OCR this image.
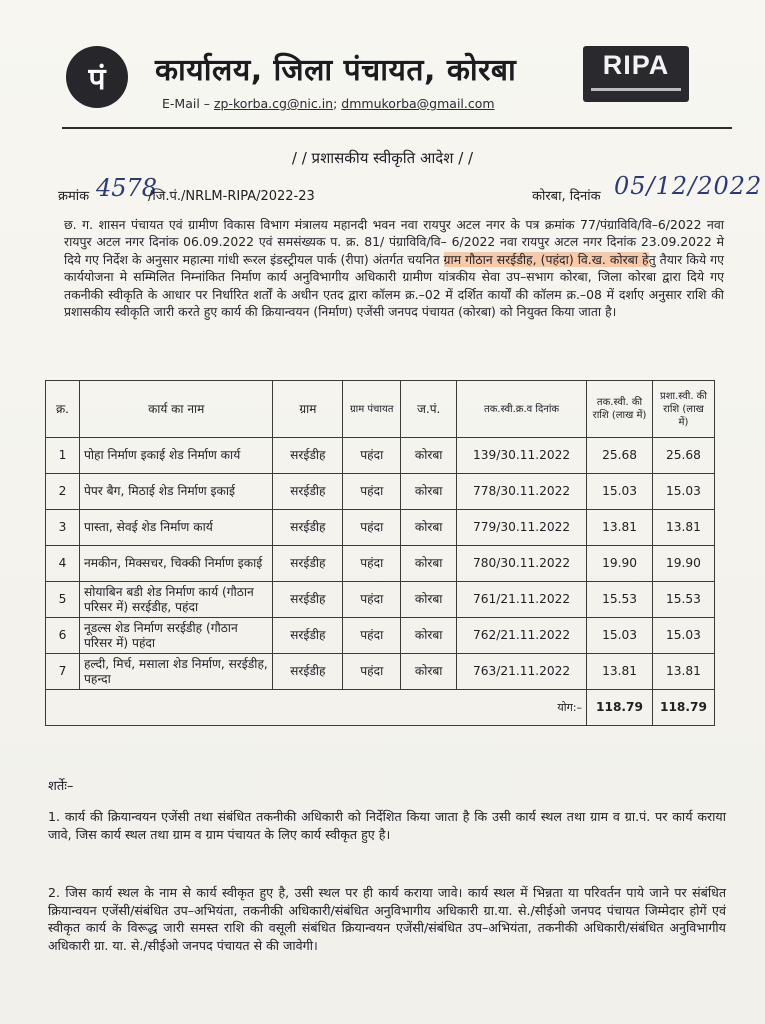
पं	कार्यालय, जिला पंचायत, कोरबा
E-Mail – zp-korba.cg@nic.in; dmmukorba@gmail.com
RIPA
/ / प्रशासकीय स्वीकृति आदेश / /
क्रमांक 4578
/जि.पं./NRLM-RIPA/2022-23	कोरबा, दिनांक 05/12/2022
छ. ग. शासन पंचायत एवं ग्रामीण विकास विभाग मंत्रालय महानदी भवन नवा रायपुर अटल नगर के पत्र क्रमांक 77/पंग्राविवि/वि–6/2022 नवा रायपुर अटल नगर दिनांक 06.09.2022 एवं समसंख्यक प. क्र. 81/ पंग्राविवि/वि– 6/2022 नवा रायपुर अटल नगर दिनांक 23.09.2022 मे दिये गए निर्देश के अनुसार महात्मा गांधी रूरल इंडस्ट्रीयल पार्क (रीपा) अंतर्गत चयनित ग्राम गौठान सरईडीह, (पहंदा) वि.ख. कोरबा हेतु तैयार किये गए कार्ययोजना मे सम्मिलित निम्नांकित निर्माण कार्य अनुविभागीय अधिकारी ग्रामीण यांत्रकीय सेवा उप–सभाग कोरबा, जिला कोरबा द्वारा दिये गए तकनीकी स्वीकृति के आधार पर निर्धारित शर्तों के अधीन एतद द्वारा कॉलम क्र.–02 में दर्शित कार्यों की कॉलम क्र.–08 में दर्शाए अनुसार राशि की प्रशासकीय स्वीकृति जारी करते हुए कार्य की क्रियान्वयन (निर्माण) एजेंसी जनपद पंचायत (कोरबा) को नियुक्त किया जाता है।
क्र.	कार्य का नाम	ग्राम	ग्राम पंचायत	ज.पं.	तक.स्वी.क्र.व दिनांक	तक.स्वी. की राशि (लाख में)	प्रशा.स्वी. की राशि (लाख में)
1	पोहा निर्माण इकाई शेड निर्माण कार्य	सरईडीह	पहंदा	कोरबा	139/30.11.2022	25.68	25.68
2	पेपर बैग, मिठाई शेड निर्माण इकाई	सरईडीह	पहंदा	कोरबा	778/30.11.2022	15.03	15.03
3	पास्ता, सेवई शेड निर्माण कार्य	सरईडीह	पहंदा	कोरबा	779/30.11.2022	13.81	13.81
4	नमकीन, मिक्सचर, चिक्की निर्माण इकाई	सरईडीह	पहंदा	कोरबा	780/30.11.2022	19.90	19.90
5	सोयाबिन बडी शेड निर्माण कार्य (गौठान परिसर में) सरईडीह, पहंदा	सरईडीह	पहंदा	कोरबा	761/21.11.2022	15.53	15.53
6	नूडल्स शेड निर्माण सरईडीह (गौठान परिसर में) पहंदा	सरईडीह	पहंदा	कोरबा	762/21.11.2022	15.03	15.03
7	हल्दी, मिर्च, मसाला शेड निर्माण, सरईडीह, पहन्दा	सरईडीह	पहंदा	कोरबा	763/21.11.2022	13.81	13.81
योग:–						118.79	118.79
शर्तेः–
1. कार्य की क्रियान्वयन एजेंसी तथा संबंधित तकनीकी अधिकारी को निर्देशित किया जाता है कि उसी कार्य स्थल तथा ग्राम व ग्रा.पं. पर कार्य कराया जावे, जिस कार्य स्थल तथा ग्राम व ग्राम पंचायत के लिए कार्य स्वीकृत हुए है।
2. जिस कार्य स्थल के नाम से कार्य स्वीकृत हुए है, उसी स्थल पर ही कार्य कराया जावे। कार्य स्थल में भिन्नता या परिवर्तन पाये जाने पर संबंधित क्रियान्वयन एजेंसी/संबंधित उप–अभियंता, तकनीकी अधिकारी/संबंधित अनुविभागीय अधिकारी ग्रा.या. से./सीईओ जनपद पंचायत जिम्मेदार होगें एवं स्वीकृत कार्य के विरूद्ध जारी समस्त राशि की वसूली संबंधित क्रियान्वयन एजेंसी/संबंधित उप–अभियंता, तकनीकी अधिकारी/संबंधित अनुविभागीय अधिकारी ग्रा. या. से./सीईओ जनपद पंचायत से की जावेगी।
